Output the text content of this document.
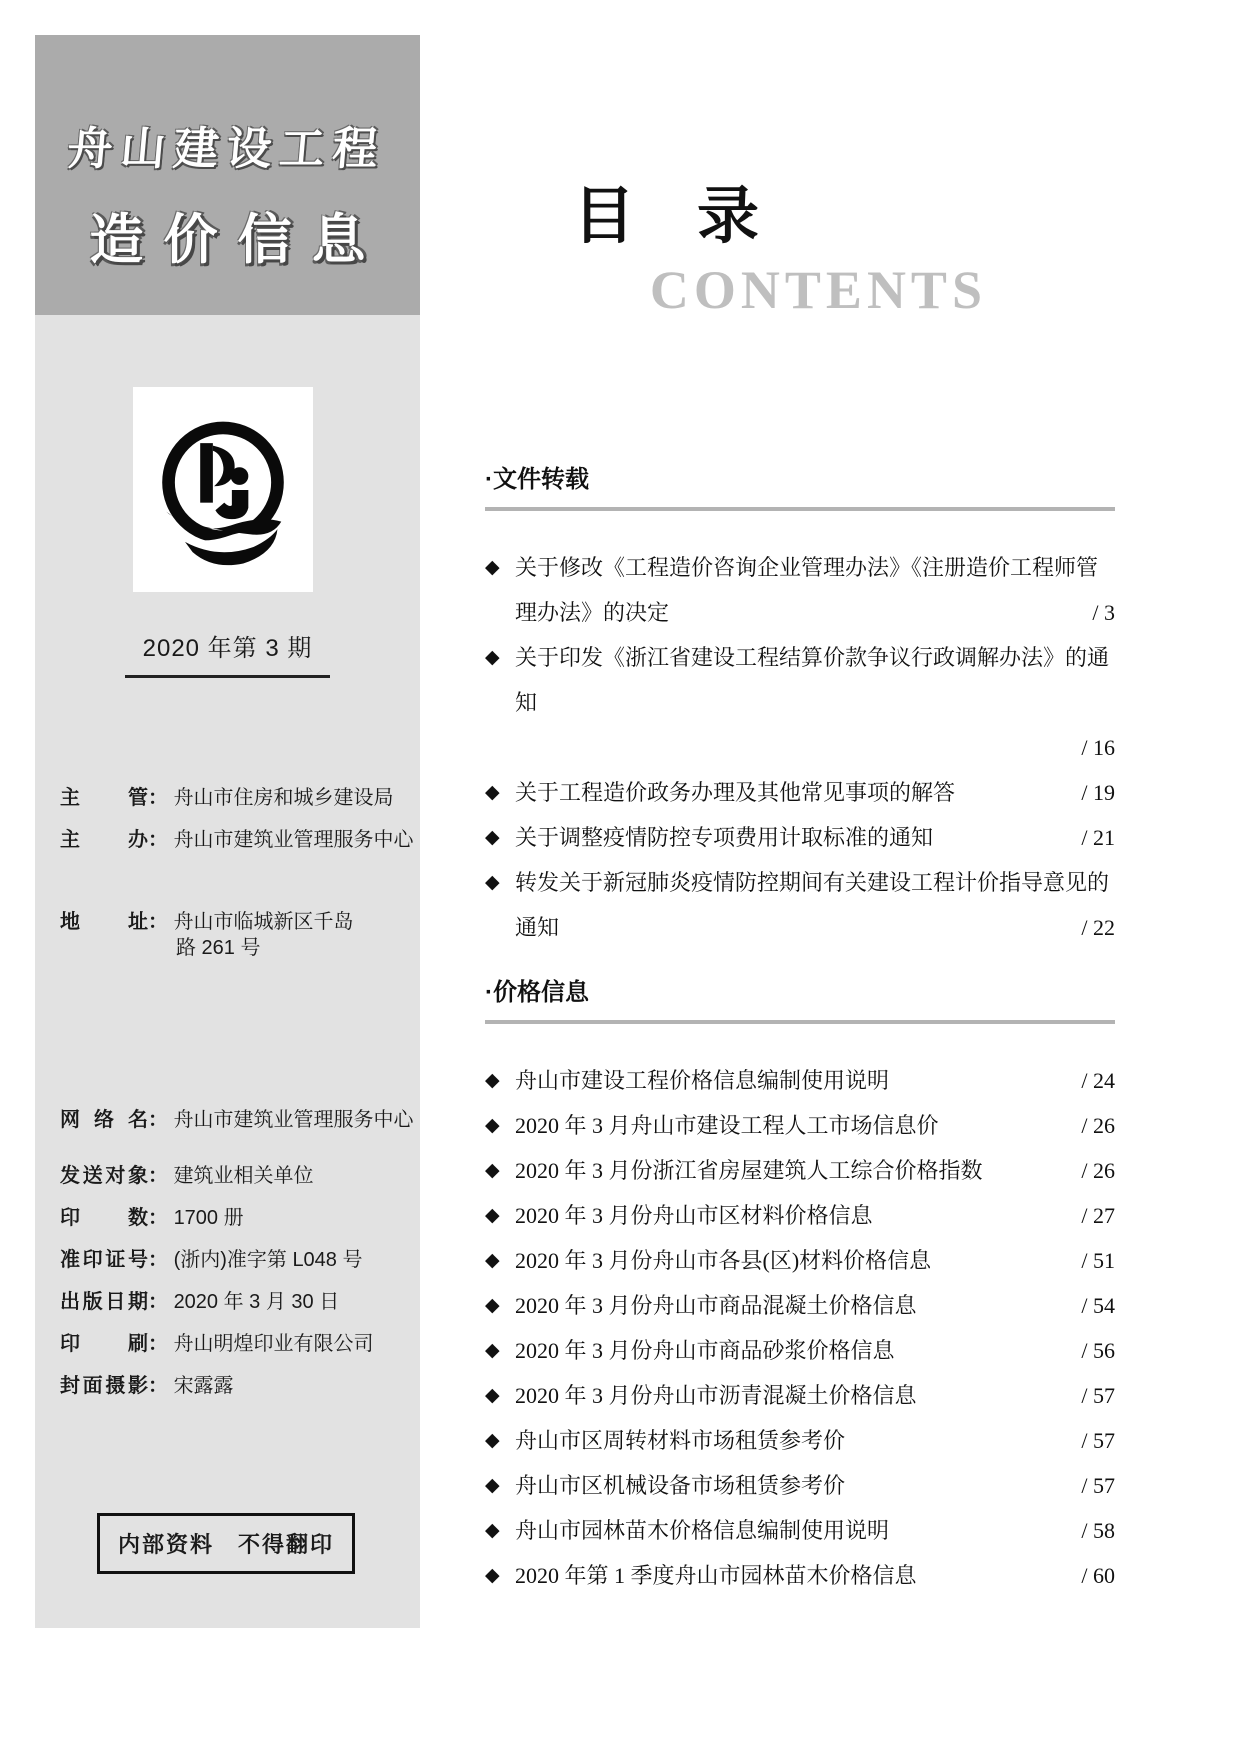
舟山建设工程
造价信息
2020 年第 3 期
主管： 舟山市住房和城乡建设局
主办： 舟山市建筑业管理服务中心
地址： 舟山市临城新区千岛
路 261 号
网络名： 舟山市建筑业管理服务中心
发送对象： 建筑业相关单位
印数： 1700 册
准印证号： (浙内)准字第 L048 号
出版日期： 2020 年 3 月 30 日
印刷： 舟山明煌印业有限公司
封面摄影： 宋露露
内部资料　不得翻印
目　录
CONTENTS
·文件转载
◆ 关于修改《工程造价咨询企业管理办法》《注册造价工程师管理办法》的决定	/ 3
◆ 关于印发《浙江省建设工程结算价款争议行政调解办法》的通知
/ 16
◆ 关于工程造价政务办理及其他常见事项的解答	/ 19
◆ 关于调整疫情防控专项费用计取标准的通知	/ 21
◆ 转发关于新冠肺炎疫情防控期间有关建设工程计价指导意见的通知	/ 22
·价格信息
◆ 舟山市建设工程价格信息编制使用说明	/ 24
◆ 2020 年 3 月舟山市建设工程人工市场信息价	/ 26
◆ 2020 年 3 月份浙江省房屋建筑人工综合价格指数	/ 26
◆ 2020 年 3 月份舟山市区材料价格信息	/ 27
◆ 2020 年 3 月份舟山市各县(区)材料价格信息	/ 51
◆ 2020 年 3 月份舟山市商品混凝土价格信息	/ 54
◆ 2020 年 3 月份舟山市商品砂浆价格信息	/ 56
◆ 2020 年 3 月份舟山市沥青混凝土价格信息	/ 57
◆ 舟山市区周转材料市场租赁参考价	/ 57
◆ 舟山市区机械设备市场租赁参考价	/ 57
◆ 舟山市园林苗木价格信息编制使用说明	/ 58
◆ 2020 年第 1 季度舟山市园林苗木价格信息	/ 60
